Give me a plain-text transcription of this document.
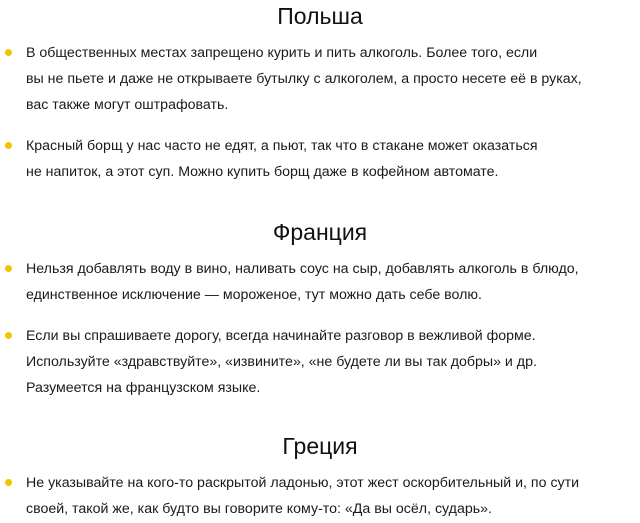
Польша

В общественных местах запрещено курить и пить алкоголь. Более того, если
вы не пьете и даже не открываете бутылку с алкоголем, а просто несете её в руках,
вас также могут оштрафовать.

Красный борщ у нас часто не едят, а пьют, так что в стакане может оказаться
не напиток, а этот суп. Можно купить борщ даже в кофейном автомате.

Франция

Нельзя добавлять воду в вино, наливать соус на сыр, добавлять алкоголь в блюдо,
единственное исключение — мороженое, тут можно дать себе волю.

Если вы спрашиваете дорогу, всегда начинайте разговор в вежливой форме.
Используйте «здравствуйте», «извините», «не будете ли вы так добры» и др.
Разумеется на французском языке.

Греция

Не указывайте на кого-то раскрытой ладонью, этот жест оскорбительный и, по сути
своей, такой же, как будто вы говорите кому-то: «Да вы осёл, сударь».
